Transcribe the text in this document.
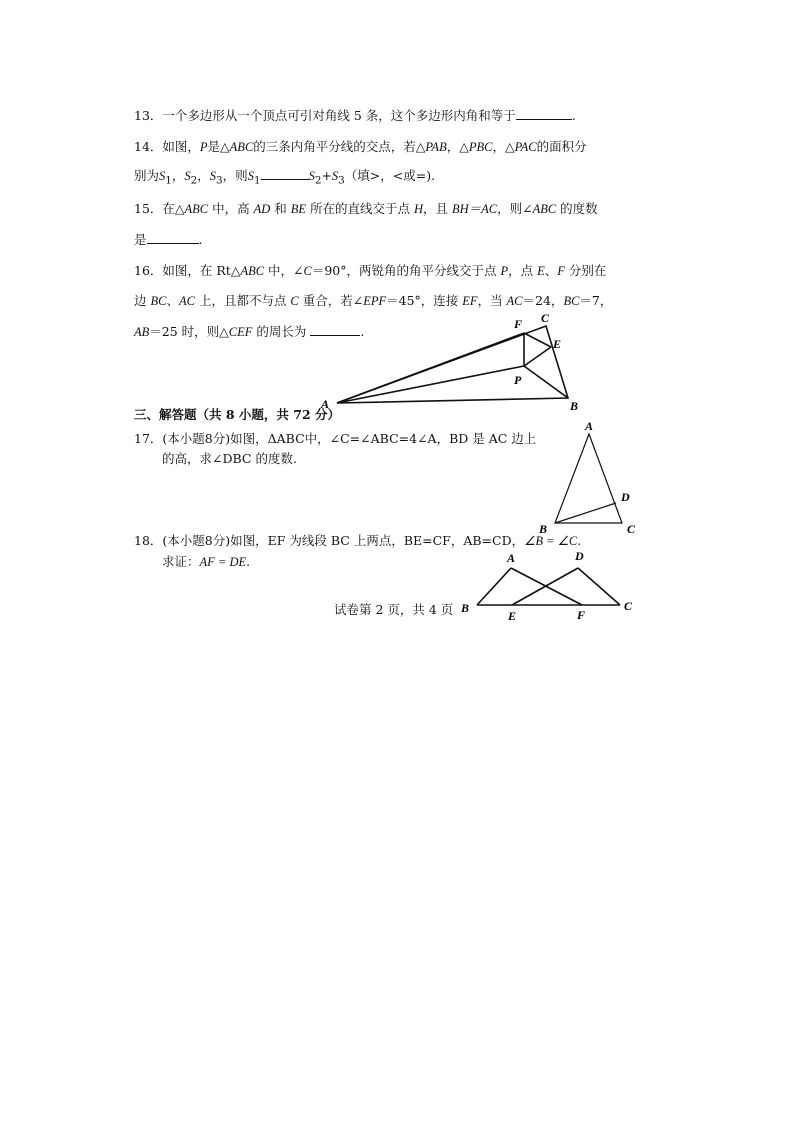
13．一个多边形从一个顶点可引对角线 5 条，这个多边形内角和等于	.
14．如图，P是△ABC的三条内角平分线的交点，若△PAB，△PBC，△PAC的面积分
别为$S_1$，$S_2$，$S_3$，则$S_1$	$S_2+S_3$（填>，<或=).
15．在△ABC 中，高 AD 和 BE 所在的直线交于点 H，且 BH＝AC，则∠ABC 的度数
是	.
16．如图，在 Rt△ABC 中，∠C＝90°，两锐角的角平分线交于点 P，点 E、F 分别在
边 BC、AC 上，且都不与点 C 重合，若∠EPF＝45°，连接 EF，当 AC＝24，BC＝7，
AB＝25 时，则△CEF 的周长为	.
三、解答题（共 8 小题，共 72 分）
17．(本小题8分)如图，ΔABC中，∠C=∠ABC=4∠A，BD 是 AC 边上
的高，求∠DBC 的度数.
18．(本小题8分)如图，EF 为线段 BC 上两点，BE=CF，AB=CD，∠B = ∠C.
求证：AF = DE.
试卷第 2 页，共 4 页
A	B
C
E
F
P
A
B	C
D
A
B	C
D
E	F
